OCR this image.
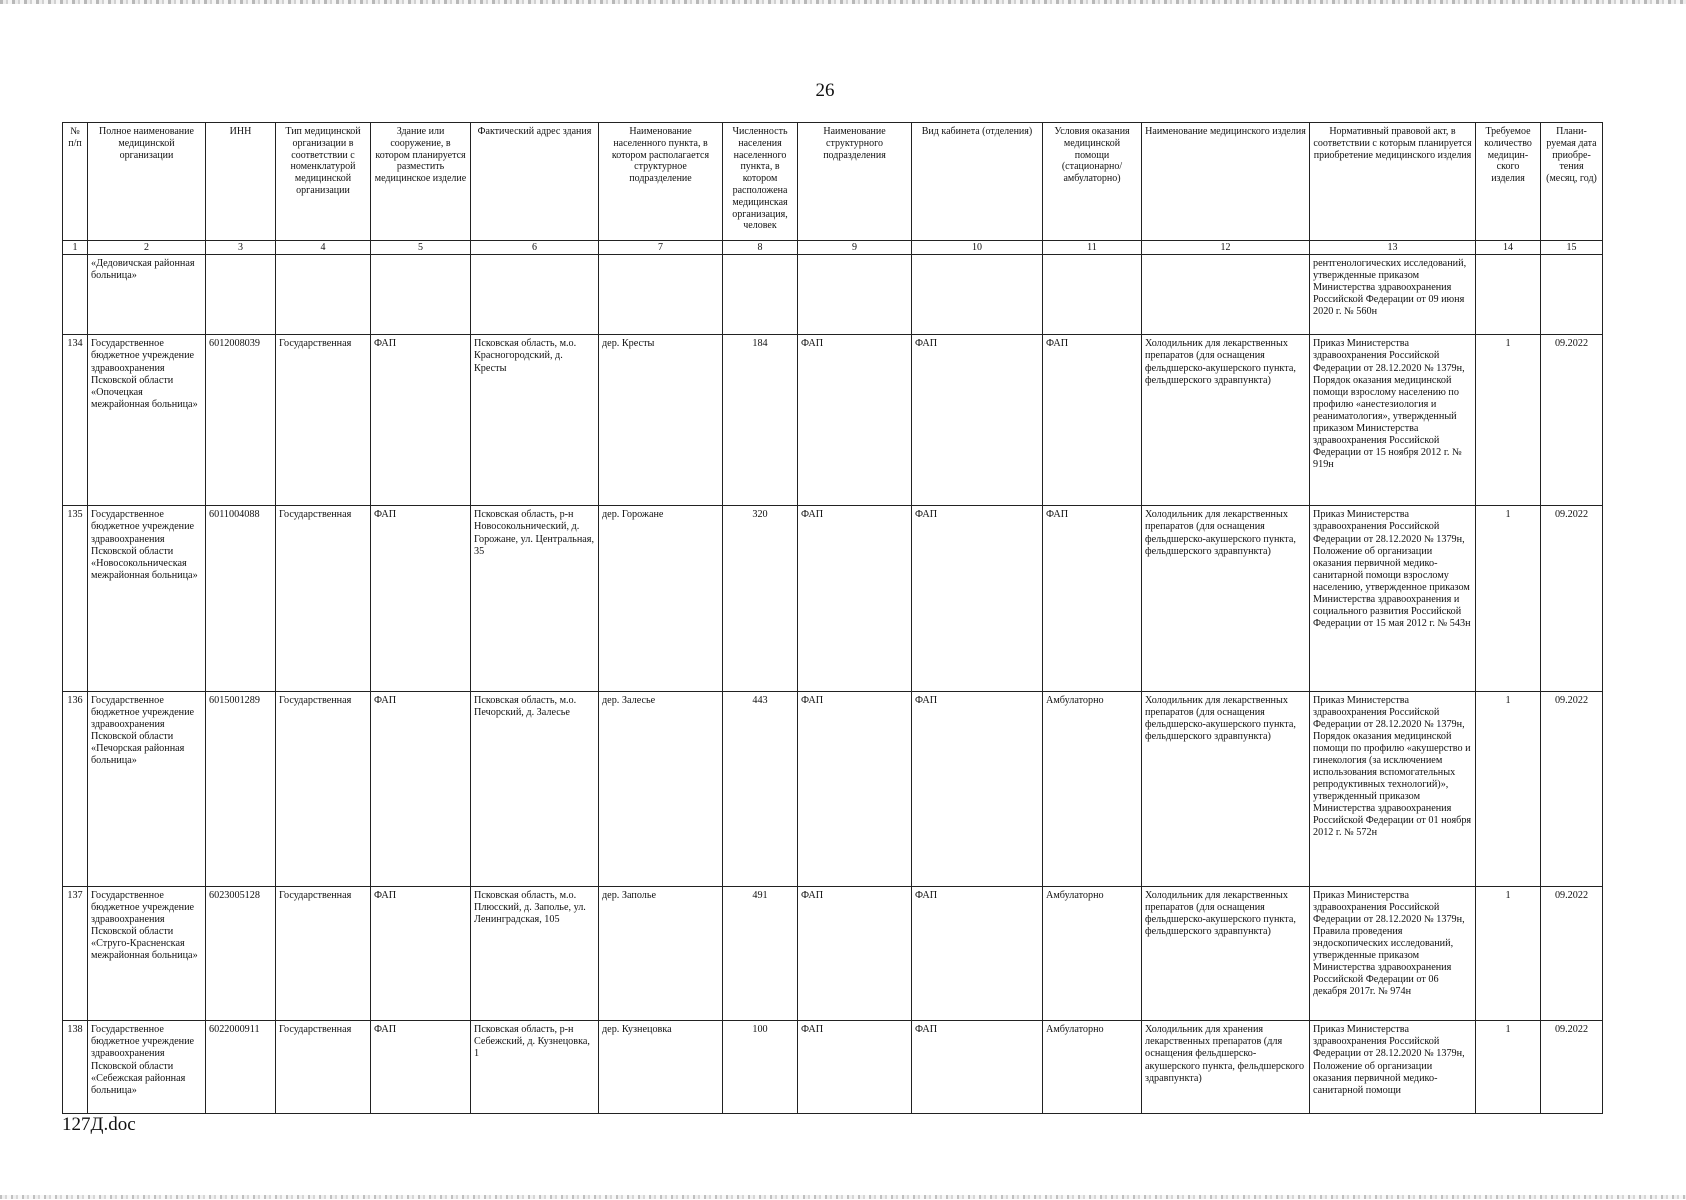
26
№ п/п	Полное наименование медицинской организации	ИНН	Тип медицинской организации в соответствии с номенклатурой медицинской организации	Здание или сооружение, в котором планируется разместить медицинское изделие	Фактический адрес здания	Наименование населенного пункта, в котором располагается структурное подразделение	Численность населения населенного пункта, в котором расположена медицинская организация, человек	Наименование структурного подразделения	Вид кабинета (отделения)	Условия оказания медицинской помощи (стационарно/ амбулаторно)	Наименование медицинского изделия	Нормативный правовой акт, в соответствии с которым планируется приобретение медицинского изделия	Требуемое количество медицин-ского изделия	Плани-руемая дата приобре-тения (месяц, год)
1	2	3	4	5	6	7	8	9	10	11	12	13	14	15
	«Дедовичская районная больница»											рентгенологических исследований, утвержденные приказом Министерства здравоохранения Российской Федерации от 09 июня 2020 г. № 560н		
134	Государственное бюджетное учреждение здравоохранения Псковской области «Опочецкая межрайонная больница»	6012008039	Государственная	ФАП	Псковская область, м.о. Красногородский, д. Кресты	дер. Кресты	184	ФАП	ФАП	ФАП	Холодильник для лекарственных препаратов (для оснащения фельдшерско-акушерского пункта, фельдшерского здравпункта)	Приказ Министерства здравоохранения Российской Федерации от 28.12.2020 № 1379н, Порядок оказания медицинской помощи взрослому населению по профилю «анестезиология и реаниматология», утвержденный приказом Министерства здравоохранения Российской Федерации от 15 ноября 2012 г. № 919н	1	09.2022
135	Государственное бюджетное учреждение здравоохранения Псковской области «Новосокольническая межрайонная больница»	6011004088	Государственная	ФАП	Псковская область, р-н Новосокольнический, д. Горожане, ул. Центральная, 35	дер. Горожане	320	ФАП	ФАП	ФАП	Холодильник для лекарственных препаратов (для оснащения фельдшерско-акушерского пункта, фельдшерского здравпункта)	Приказ Министерства здравоохранения Российской Федерации от 28.12.2020 № 1379н, Положение об организации оказания первичной медико-санитарной помощи взрослому населению, утвержденное приказом Министерства здравоохранения и социального развития Российской Федерации от 15 мая 2012 г. № 543н	1	09.2022
136	Государственное бюджетное учреждение здравоохранения Псковской области «Печорская районная больница»	6015001289	Государственная	ФАП	Псковская область, м.о. Печорский, д. Залесье	дер. Залесье	443	ФАП	ФАП	Амбулаторно	Холодильник для лекарственных препаратов (для оснащения фельдшерско-акушерского пункта, фельдшерского здравпункта)	Приказ Министерства здравоохранения Российской Федерации от 28.12.2020 № 1379н, Порядок оказания медицинской помощи по профилю «акушерство и гинекология (за исключением использования вспомогательных репродуктивных технологий)», утвержденный приказом Министерства здравоохранения Российской Федерации от 01 ноября 2012 г. № 572н	1	09.2022
137	Государственное бюджетное учреждение здравоохранения Псковской области «Струго-Красненская межрайонная больница»	6023005128	Государственная	ФАП	Псковская область, м.о. Плюсский, д. Заполье, ул. Ленинградская, 105	дер. Заполье	491	ФАП	ФАП	Амбулаторно	Холодильник для лекарственных препаратов (для оснащения фельдшерско-акушерского пункта, фельдшерского здравпункта)	Приказ Министерства здравоохранения Российской Федерации от 28.12.2020 № 1379н, Правила проведения эндоскопических исследований, утвержденные приказом Министерства здравоохранения Российской Федерации от 06 декабря 2017г. № 974н	1	09.2022
138	Государственное бюджетное учреждение здравоохранения Псковской области «Себежская районная больница»	6022000911	Государственная	ФАП	Псковская область, р-н Себежский, д. Кузнецовка, 1	дер. Кузнецовка	100	ФАП	ФАП	Амбулаторно	Холодильник для хранения лекарственных препаратов (для оснащения фельдшерско-акушерского пункта, фельдшерского здравпункта)	Приказ Министерства здравоохранения Российской Федерации от 28.12.2020 № 1379н, Положение об организации оказания первичной медико-санитарной помощи	1	09.2022
127Д.doc
